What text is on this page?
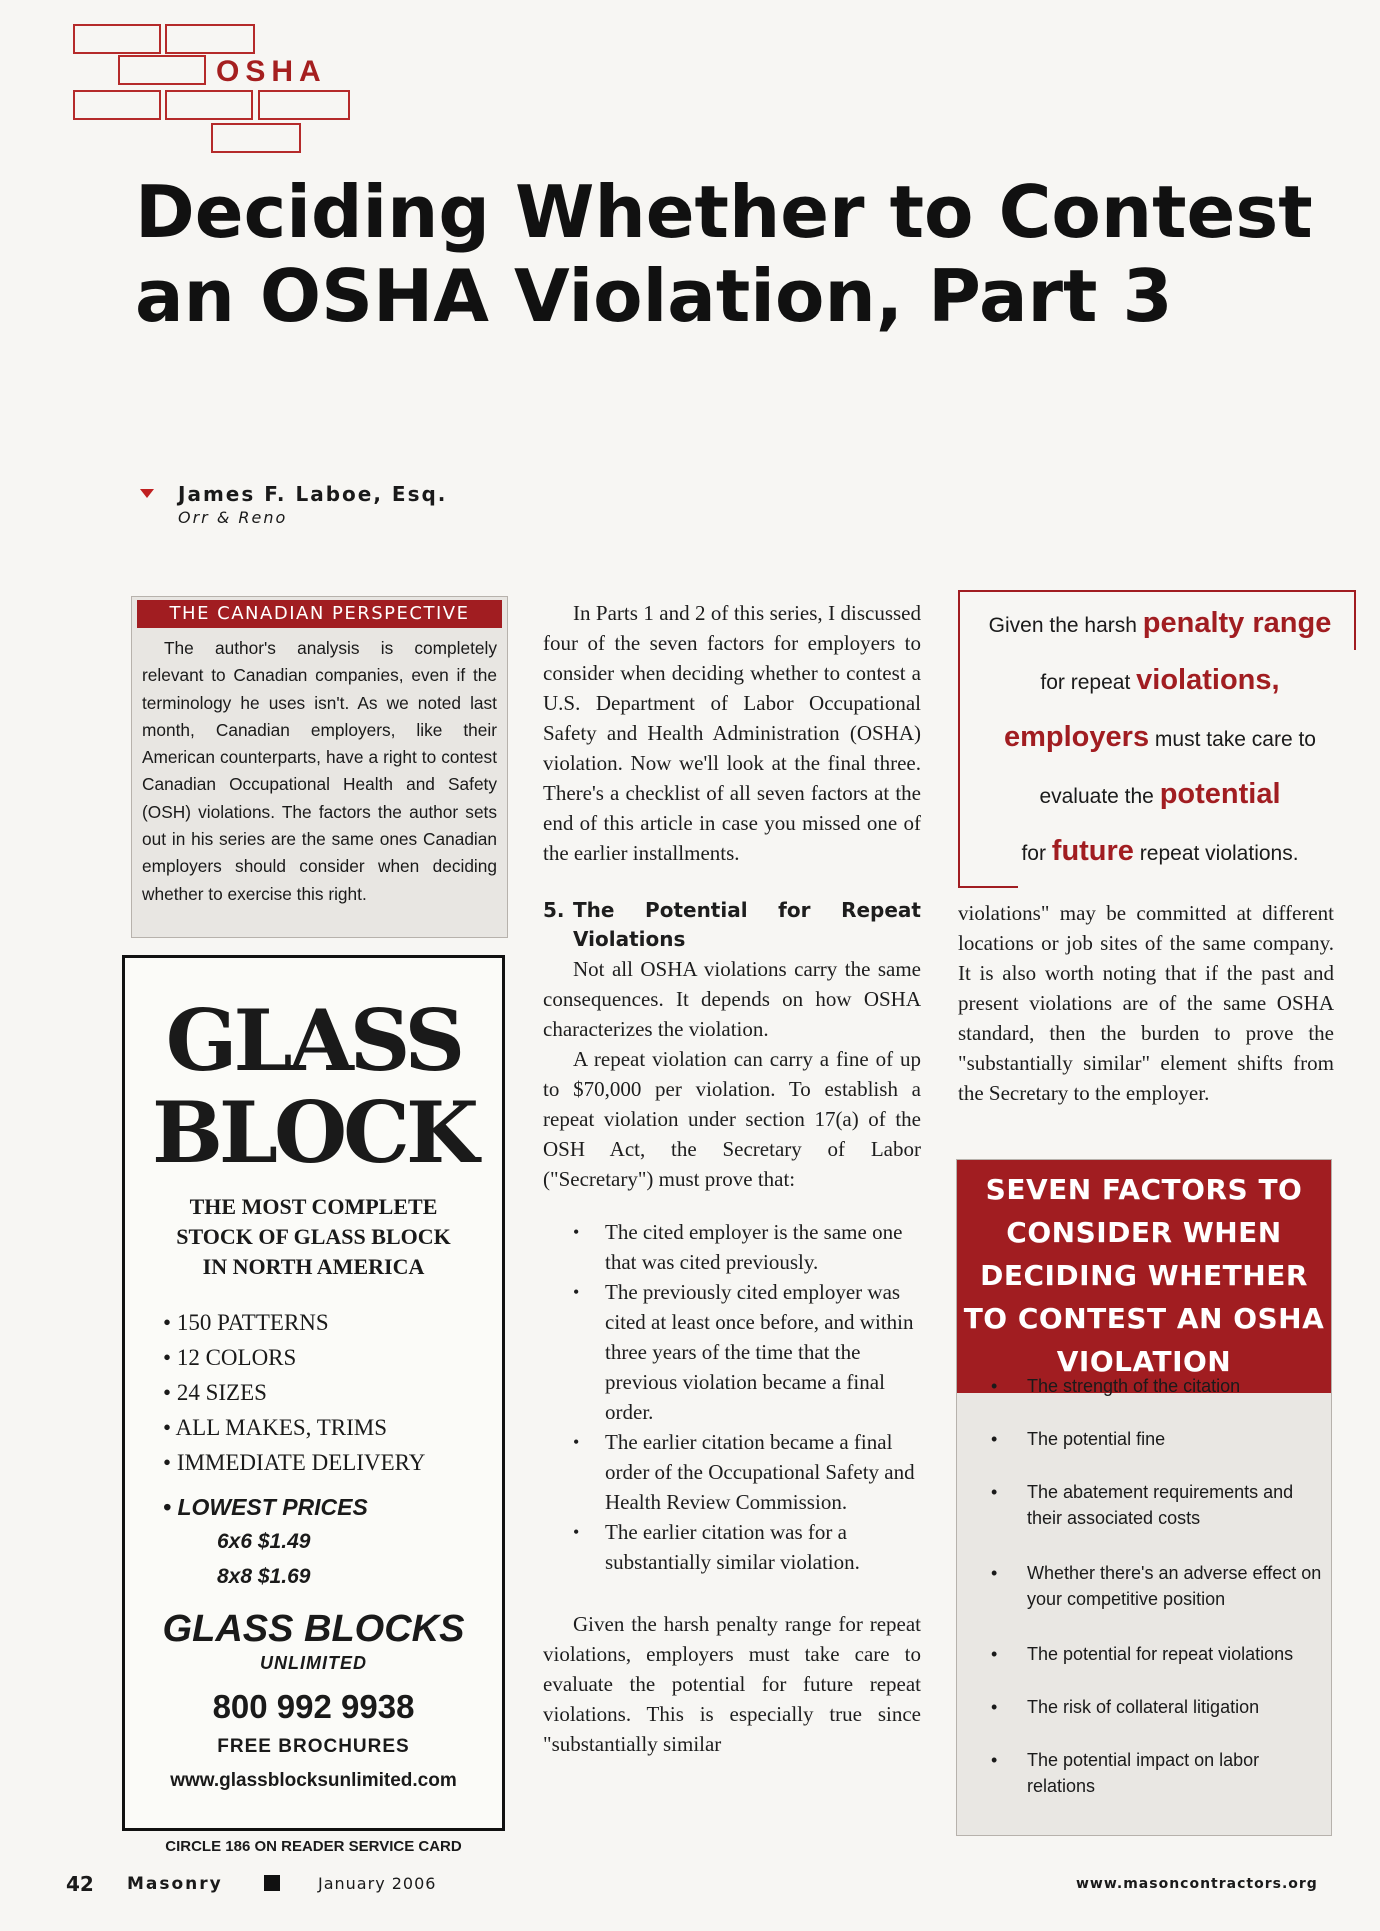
OSHA
Deciding Whether to Contest an OSHA Violation, Part 3
James F. Laboe, Esq.
Orr & Reno
THE CANADIAN PERSPECTIVE
The author's analysis is completely relevant to Canadian companies, even if the terminology he uses isn't. As we noted last month, Canadian employers, like their American counterparts, have a right to contest Canadian Occupational Health and Safety (OSH) violations. The factors the author sets out in his series are the same ones Canadian employers should consider when deciding whether to exercise this right.
GLASS
BLOCK
THE MOST COMPLETE
STOCK OF GLASS BLOCK
IN NORTH AMERICA
• 150 PATTERNS
• 12 COLORS
• 24 SIZES
• ALL MAKES, TRIMS
• IMMEDIATE DELIVERY
• LOWEST PRICES
6x6 $1.49
8x8 $1.69
GLASS BLOCKS
UNLIMITED
800 992 9938
FREE BROCHURES
www.glassblocksunlimited.com
CIRCLE 186 ON READER SERVICE CARD

In Parts 1 and 2 of this series, I discussed four of the seven factors for employers to consider when deciding whether to contest a U.S. Department of Labor Occupational Safety and Health Administration (OSHA) violation. Now we'll look at the final three. There's a checklist of all seven factors at the end of this article in case you missed one of the earlier installments.

5. The Potential for Repeat Violations

Not all OSHA violations carry the same consequences. It depends on how OSHA characterizes the violation.

A repeat violation can carry a fine of up to $70,000 per violation. To establish a repeat violation under section 17(a) of the OSH Act, the Secretary of Labor ("Secretary") must prove that:

• The cited employer is the same one that was cited previously.
• The previously cited employer was cited at least once before, and within three years of the time that the previous violation became a final order.
• The earlier citation became a final order of the Occupational Safety and Health Review Commission.
• The earlier citation was for a substantially similar violation.

Given the harsh penalty range for repeat violations, employers must take care to evaluate the potential for future repeat violations. This is especially true since "substantially similar

Given the harsh penalty range
for repeat violations,
employers must take care to
evaluate the potential
for future repeat violations.

violations" may be committed at different locations or job sites of the same company. It is also worth noting that if the past and present violations are of the same OSHA standard, then the burden to prove the "substantially similar" element shifts from the Secretary to the employer.

SEVEN FACTORS TO CONSIDER WHEN DECIDING WHETHER TO CONTEST AN OSHA VIOLATION
• The strength of the citation
• The potential fine
• The abatement requirements and their associated costs
• Whether there's an adverse effect on your competitive position
• The potential for repeat violations
• The risk of collateral litigation
• The potential impact on labor relations
42 Masonry	January 2006	www.masoncontractors.org
